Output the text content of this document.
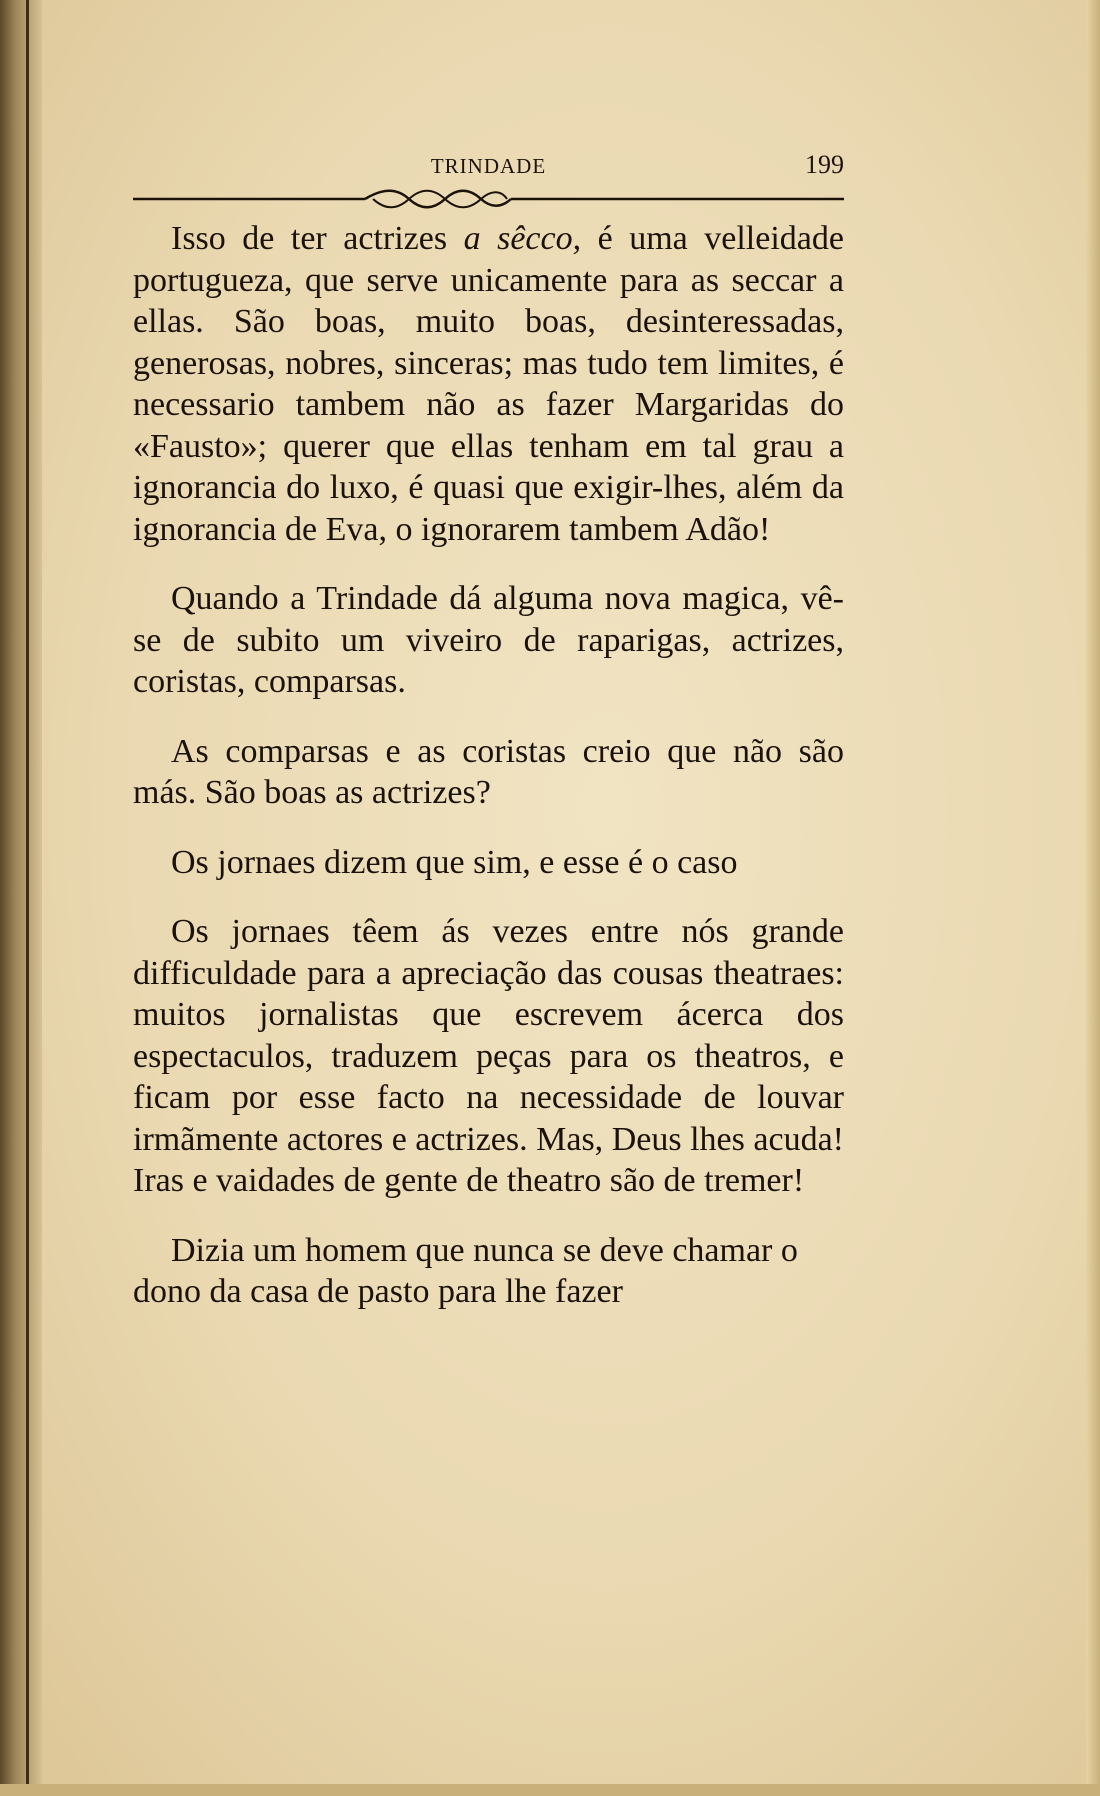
TRINDADE	199

Isso de ter actrizes a sêcco, é uma velleidade portugueza, que serve unicamente para as seccar a ellas. São boas, muito boas, desinteressadas, generosas, nobres, sinceras; mas tudo tem limites, é necessario tambem não as fazer Margaridas do «Fausto»; querer que ellas tenham em tal grau a ignorancia do luxo, é quasi que exigir-lhes, além da ignorancia de Eva, o ignorarem tambem Adão!

Quando a Trindade dá alguma nova magica, vê-se de subito um viveiro de raparigas, actrizes, coristas, comparsas.

As comparsas e as coristas creio que não são más. São boas as actrizes?

Os jornaes dizem que sim, e esse é o caso

Os jornaes têem ás vezes entre nós grande difficuldade para a apreciação das cousas theatraes: muitos jornalistas que escrevem ácerca dos espectaculos, traduzem peças para os theatros, e ficam por esse facto na necessidade de louvar irmãmente actores e actrizes. Mas, Deus lhes acuda! Iras e vaidades de gente de theatro são de tremer!

Dizia um homem que nunca se deve chamar o dono da casa de pasto para lhe fazer
